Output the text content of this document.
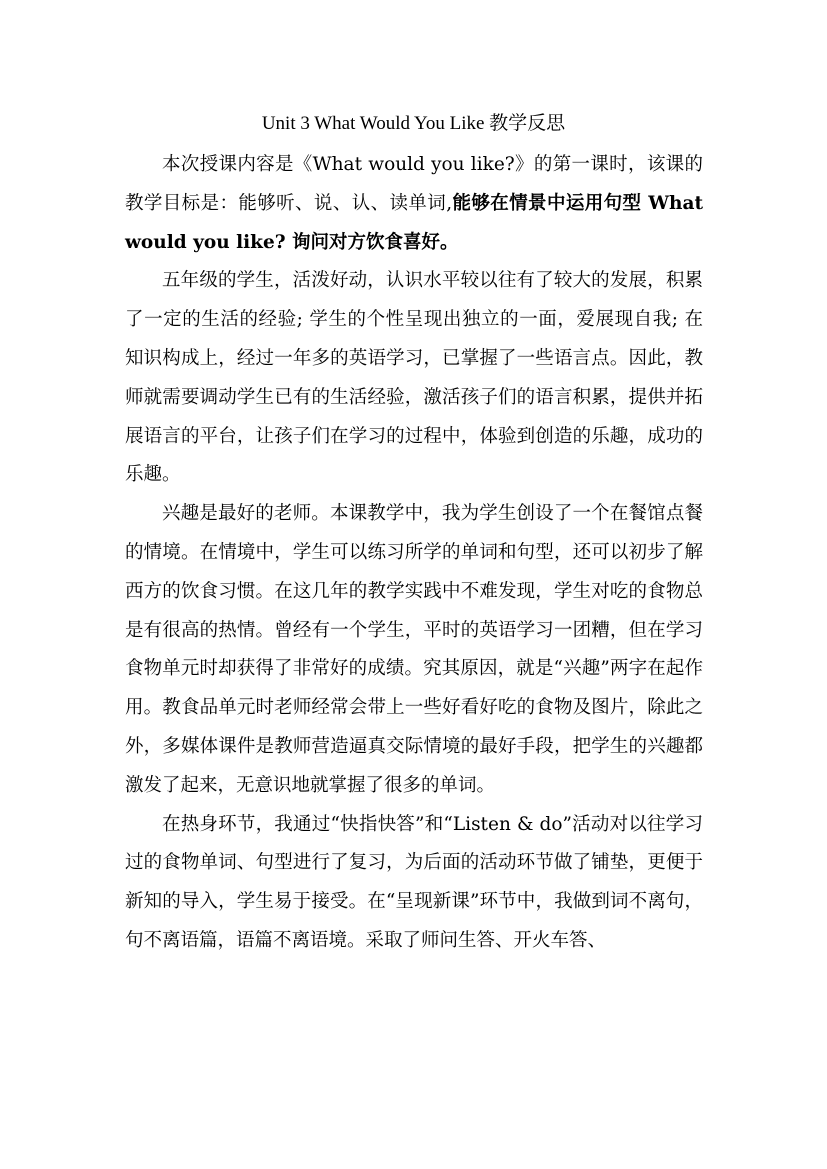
Unit 3 What Would You Like 教学反思

本次授课内容是《What would you like?》的第一课时，该课的教学目标是：能够听、说、认、读单词,能够在情景中运用句型 What would you like? 询问对方饮食喜好。

五年级的学生，活泼好动，认识水平较以往有了较大的发展，积累了一定的生活的经验; 学生的个性呈现出独立的一面，爱展现自我; 在知识构成上，经过一年多的英语学习，已掌握了一些语言点。因此，教师就需要调动学生已有的生活经验，激活孩子们的语言积累，提供并拓展语言的平台，让孩子们在学习的过程中，体验到创造的乐趣，成功的乐趣。

兴趣是最好的老师。本课教学中，我为学生创设了一个在餐馆点餐的情境。在情境中，学生可以练习所学的单词和句型，还可以初步了解西方的饮食习惯。在这几年的教学实践中不难发现，学生对吃的食物总是有很高的热情。曾经有一个学生，平时的英语学习一团糟，但在学习食物单元时却获得了非常好的成绩。究其原因，就是“兴趣”两字在起作用。教食品单元时老师经常会带上一些好看好吃的食物及图片，除此之外，多媒体课件是教师营造逼真交际情境的最好手段，把学生的兴趣都激发了起来，无意识地就掌握了很多的单词。

在热身环节，我通过“快指快答”和“Listen & do”活动对以往学习过的食物单词、句型进行了复习，为后面的活动环节做了铺垫，更便于新知的导入，学生易于接受。在“呈现新课”环节中，我做到词不离句，句不离语篇，语篇不离语境。采取了师问生答、开火车答、
